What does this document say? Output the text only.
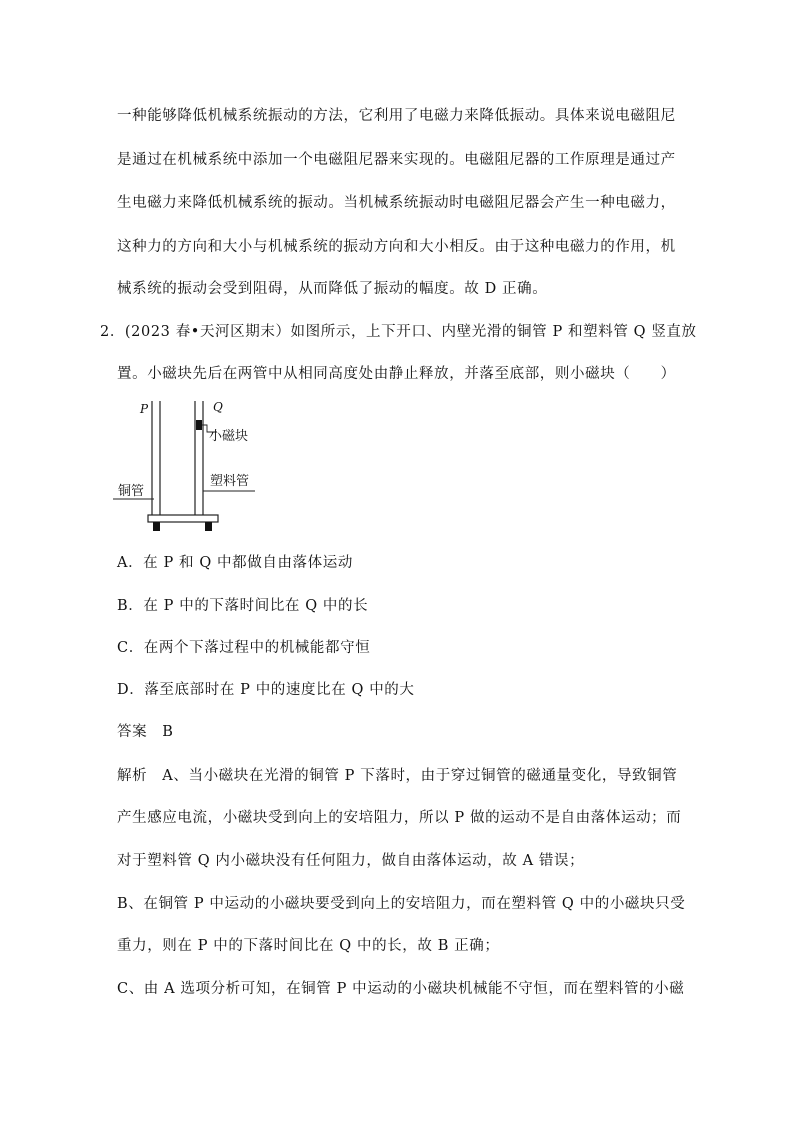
一种能够降低机械系统振动的方法，它利用了电磁力来降低振动。具体来说电磁阻尼
是通过在机械系统中添加一个电磁阻尼器来实现的。电磁阻尼器的工作原理是通过产
生电磁力来降低机械系统的振动。当机械系统振动时电磁阻尼器会产生一种电磁力，
这种力的方向和大小与机械系统的振动方向和大小相反。由于这种电磁力的作用，机
械系统的振动会受到阻碍，从而降低了振动的幅度。故 D 正确。
2．(2023 春•天河区期末）如图所示，上下开口、内壁光滑的铜管 P 和塑料管 Q 竖直放
置。小磁块先后在两管中从相同高度处由静止释放，并落至底部，则小磁块（　　）
P	Q
小磁块
铜管
塑料管
A．在 P 和 Q 中都做自由落体运动
B．在 P 中的下落时间比在 Q 中的长
C．在两个下落过程中的机械能都守恒
D．落至底部时在 P 中的速度比在 Q 中的大
答案　B
解析　A、当小磁块在光滑的铜管 P 下落时，由于穿过铜管的磁通量变化，导致铜管
产生感应电流，小磁块受到向上的安培阻力，所以 P 做的运动不是自由落体运动；而
对于塑料管 Q 内小磁块没有任何阻力，做自由落体运动，故 A 错误；
B、在铜管 P 中运动的小磁块要受到向上的安培阻力，而在塑料管 Q 中的小磁块只受
重力，则在 P 中的下落时间比在 Q 中的长，故 B 正确；
C、由 A 选项分析可知，在铜管 P 中运动的小磁块机械能不守恒，而在塑料管的小磁
